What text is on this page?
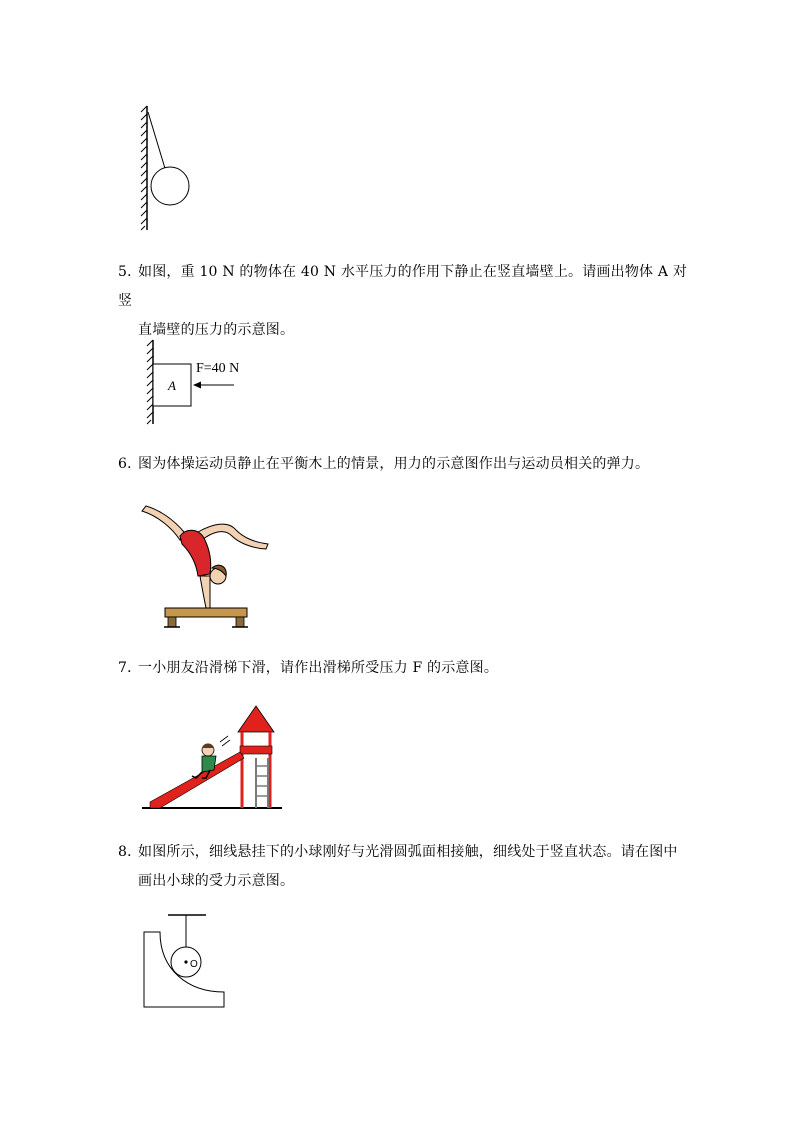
5．如图，重 10 N 的物体在 40 N 水平压力的作用下静止在竖直墙壁上。请画出物体 A 对竖
直墙壁的压力的示意图。
A
F=40 N
6．图为体操运动员静止在平衡木上的情景，用力的示意图作出与运动员相关的弹力。
7．一小朋友沿滑梯下滑，请作出滑梯所受压力 F 的示意图。
8．如图所示，细线悬挂下的小球刚好与光滑圆弧面相接触，细线处于竖直状态。请在图中
画出小球的受力示意图。
O
